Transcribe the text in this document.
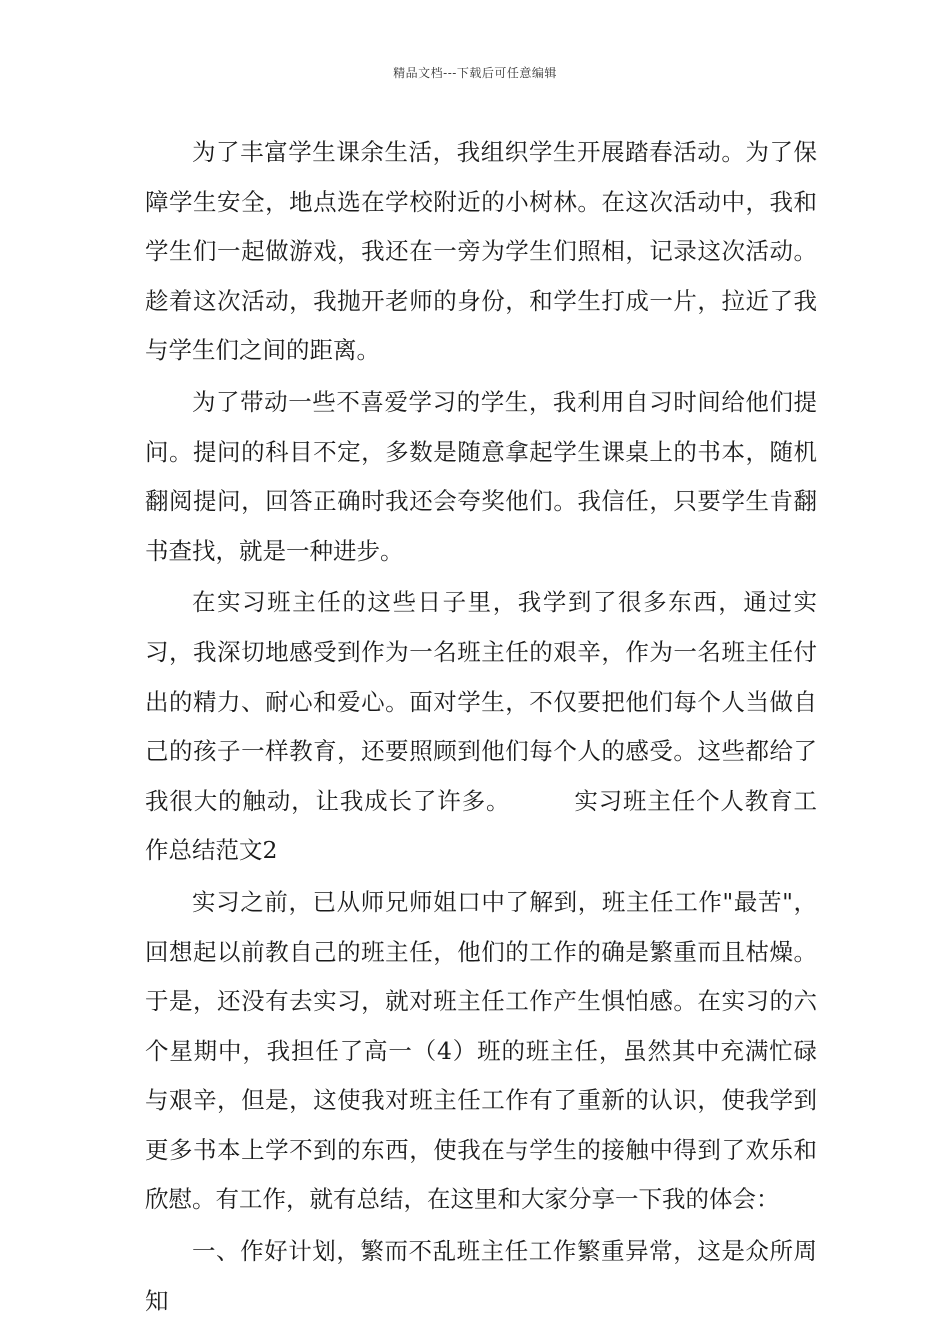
精品文档---下载后可任意编辑

为了丰富学生课余生活，我组织学生开展踏春活动。为了保障学生安全，地点选在学校附近的小树林。在这次活动中，我和学生们一起做游戏，我还在一旁为学生们照相，记录这次活动。趁着这次活动，我抛开老师的身份，和学生打成一片，拉近了我与学生们之间的距离。

为了带动一些不喜爱学习的学生，我利用自习时间给他们提问。提问的科目不定，多数是随意拿起学生课桌上的书本，随机翻阅提问，回答正确时我还会夸奖他们。我信任，只要学生肯翻书查找，就是一种进步。

在实习班主任的这些日子里，我学到了很多东西，通过实习，我深切地感受到作为一名班主任的艰辛，作为一名班主任付出的精力、耐心和爱心。面对学生，不仅要把他们每个人当做自己的孩子一样教育，还要照顾到他们每个人的感受。这些都给了我很大的触动，让我成长了许多。	实习班主任个人教育工作总结范文2

实习之前，已从师兄师姐口中了解到，班主任工作"最苦"，回想起以前教自己的班主任，他们的工作的确是繁重而且枯燥。于是，还没有去实习，就对班主任工作产生惧怕感。在实习的六个星期中，我担任了高一（4）班的班主任，虽然其中充满忙碌与艰辛，但是，这使我对班主任工作有了重新的认识，使我学到更多书本上学不到的东西，使我在与学生的接触中得到了欢乐和欣慰。有工作，就有总结，在这里和大家分享一下我的体会：

一、作好计划，繁而不乱班主任工作繁重异常，这是众所周知
